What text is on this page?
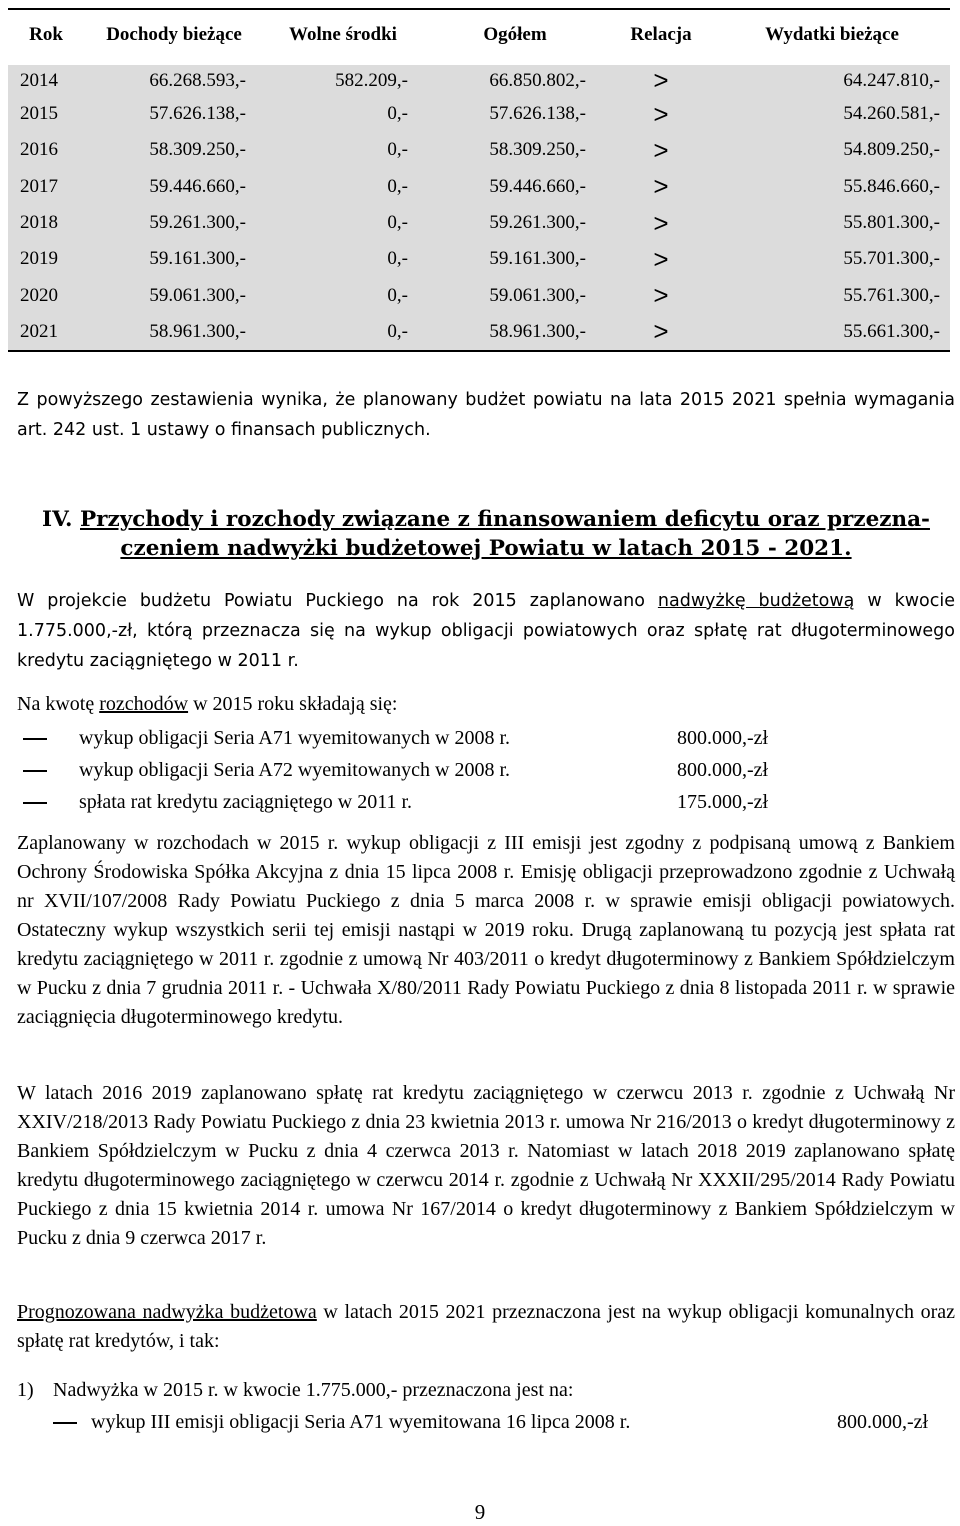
Rok	Dochody bieżące	Wolne środki	Ogółem	Relacja	Wydatki bieżące
2014	66.268.593,-	582.209,-	66.850.802,-	>	64.247.810,-
2015	57.626.138,-	0,-	57.626.138,-	>	54.260.581,-
2016	58.309.250,-	0,-	58.309.250,-	>	54.809.250,-
2017	59.446.660,-	0,-	59.446.660,-	>	55.846.660,-
2018	59.261.300,-	0,-	59.261.300,-	>	55.801.300,-
2019	59.161.300,-	0,-	59.161.300,-	>	55.701.300,-
2020	59.061.300,-	0,-	59.061.300,-	>	55.761.300,-
2021	58.961.300,-	0,-	58.961.300,-	>	55.661.300,-
Z powyższego zestawienia wynika, że planowany budżet powiatu na lata 2015 2021 spełnia wymagania art. 242 ust. 1 ustawy o finansach publicznych.
IV. Przychody i rozchody związane z finansowaniem deficytu oraz przezna-
czeniem nadwyżki budżetowej Powiatu w latach 2015 - 2021.
W projekcie budżetu Powiatu Puckiego na rok 2015 zaplanowano nadwyżkę budżetową w kwocie 1.775.000,-zł, którą przeznacza się na wykup obligacji powiatowych oraz spłatę rat długoterminowego kredytu zaciągniętego w 2011 r.
Na kwotę rozchodów w 2015 roku składają się:
wykup obligacji Seria A71 wyemitowanych w 2008 r.	800.000,-zł
wykup obligacji Seria A72 wyemitowanych w 2008 r.	800.000,-zł
spłata rat kredytu zaciągniętego w 2011 r.	175.000,-zł
Zaplanowany w rozchodach w 2015 r. wykup obligacji z III emisji jest zgodny z podpisaną umową z Bankiem Ochrony Środowiska Spółka Akcyjna z dnia 15 lipca 2008 r. Emisję obligacji przeprowadzono zgodnie z Uchwałą nr XVII/107/2008 Rady Powiatu Puckiego z dnia 5 marca 2008 r. w sprawie emisji obligacji powiatowych. Ostateczny wykup wszystkich serii tej emisji nastąpi w 2019 roku. Drugą zaplanowaną tu pozycją jest spłata rat kredytu zaciągniętego w 2011 r. zgodnie z umową Nr 403/2011 o kredyt długoterminowy z Bankiem Spółdzielczym w Pucku z dnia 7 grudnia 2011 r. - Uchwała X/80/2011 Rady Powiatu Puckiego z dnia 8 listopada 2011 r. w sprawie zaciągnięcia długoterminowego kredytu.
W latach 2016 2019 zaplanowano spłatę rat kredytu zaciągniętego w czerwcu 2013 r. zgodnie z Uchwałą Nr XXIV/218/2013 Rady Powiatu Puckiego z dnia 23 kwietnia 2013 r. umowa Nr 216/2013 o kredyt długoterminowy z Bankiem Spółdzielczym w Pucku z dnia 4 czerwca 2013 r. Natomiast w latach 2018 2019 zaplanowano spłatę kredytu długoterminowego zaciągniętego w czerwcu 2014 r. zgodnie z Uchwałą Nr XXXII/295/2014 Rady Powiatu Puckiego z dnia 15 kwietnia 2014 r. umowa Nr 167/2014 o kredyt długoterminowy z Bankiem Spółdzielczym w Pucku z dnia 9 czerwca 2017 r.
Prognozowana nadwyżka budżetowa w latach 2015 2021 przeznaczona jest na wykup obligacji komunalnych oraz spłatę rat kredytów, i tak:
1) Nadwyżka w 2015 r. w kwocie 1.775.000,- przeznaczona jest na:
wykup III emisji obligacji Seria A71 wyemitowana 16 lipca 2008 r.	800.000,-zł
9
